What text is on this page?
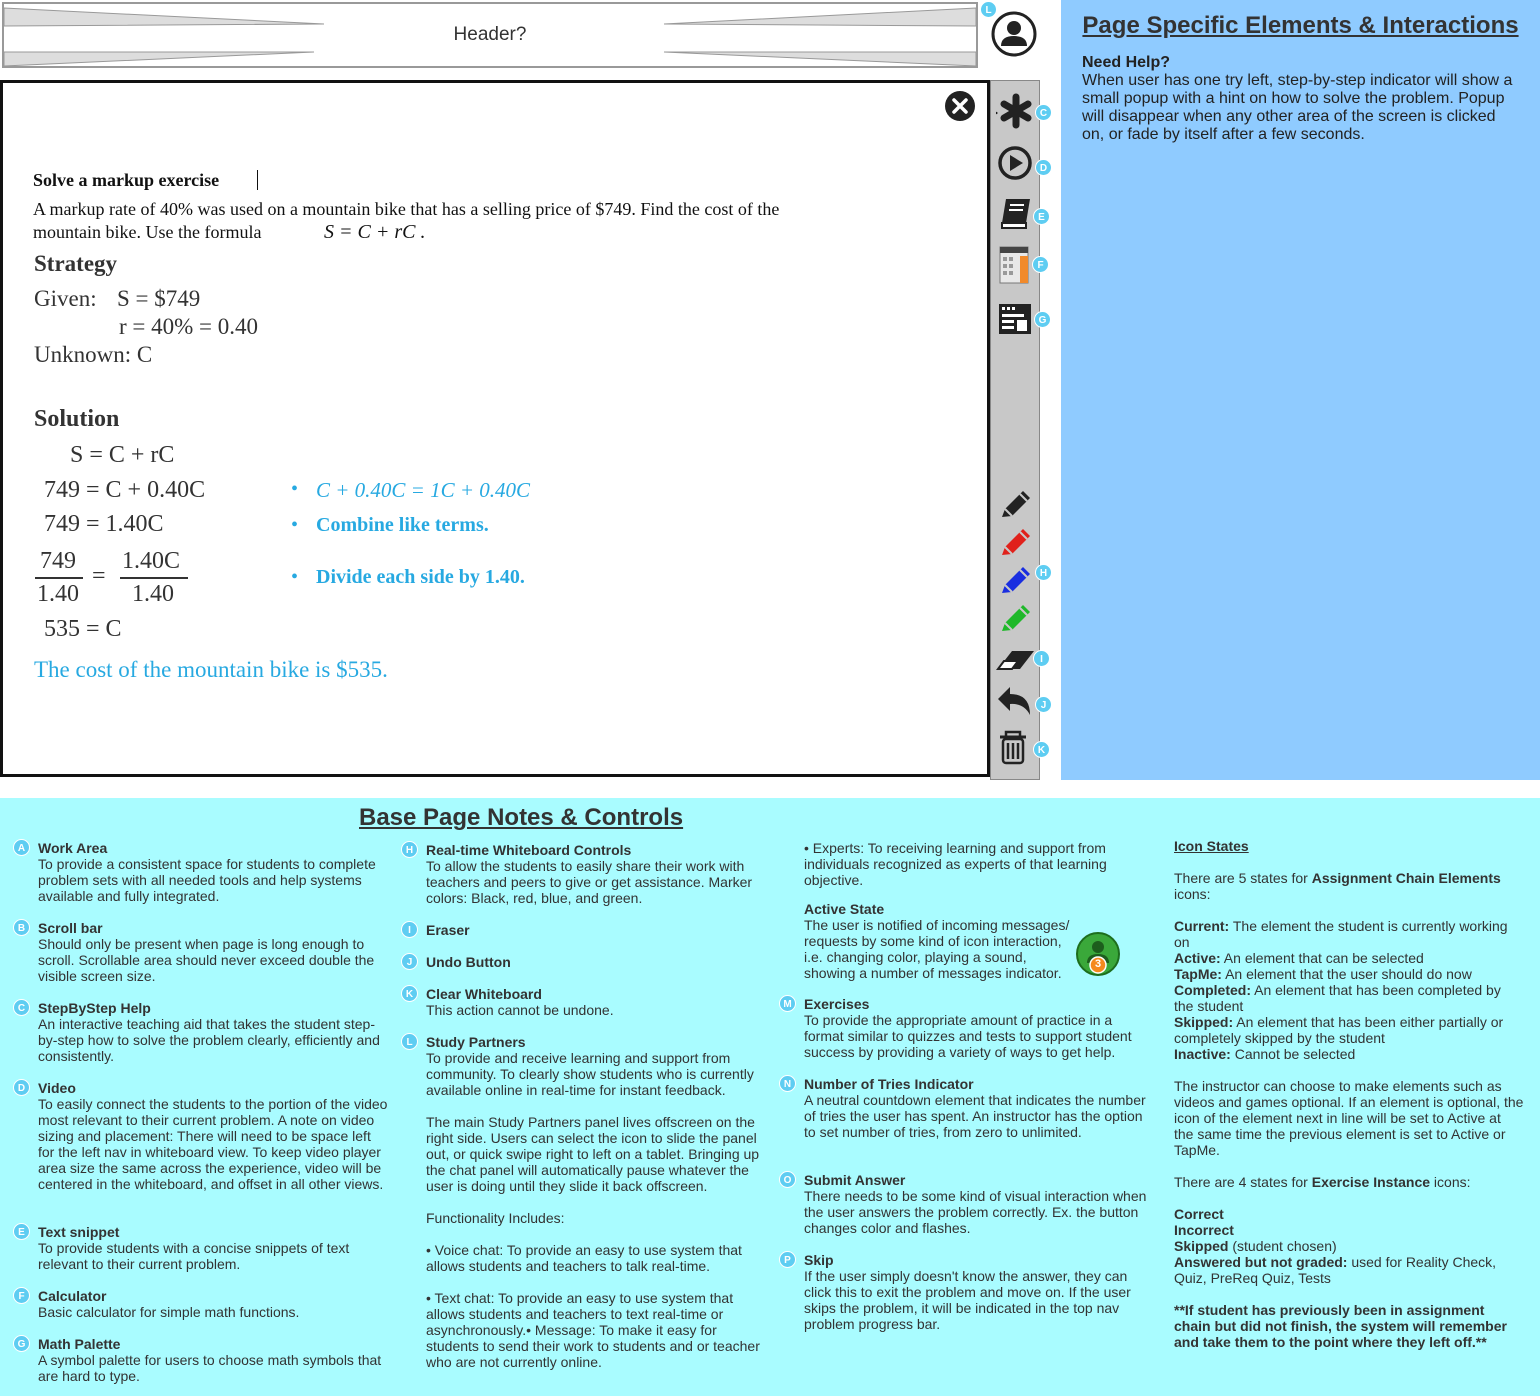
Header?
L
Solve a markup exercise
A markup rate of 40% was used on a mountain bike that has a selling price of $749. Find the cost of the
mountain bike. Use the formula	S = C + rC .
Strategy
Given: S = $749
r = 40% = 0.40
Unknown: C
Solution
S = C + rC
749 = C + 0.40C
749 = 1.40C
749
1.40
=
1.40C
1.40
535 = C
• C + 0.40C = 1C + 0.40C
• Combine like terms.
• Divide each side by 1.40.
The cost of the mountain bike is $535.
C
D
E
F
G
H
I
J
K
Page Specific Elements & Interactions
Need Help?
When user has one try left, step-by-step indicator will show a small popup with a hint on how to solve the problem. Popup will disappear when any other area of the screen is clicked on, or fade by itself after a few seconds.
Base Page Notes & Controls
A Work Area
To provide a consistent space for students to complete problem sets with all needed tools and help systems available and fully integrated.
B Scroll bar
Should only be present when page is long enough to scroll. Scrollable area should never exceed double the visible screen size.
C StepByStep Help
An interactive teaching aid that takes the student step-by-step how to solve the problem clearly, efficiently and consistently.
D Video
To easily connect the students to the portion of the video most relevant to their current problem. A note on video sizing and placement: There will need to be space left for the left nav in whiteboard view. To keep video player area size the same across the experience, video will be centered in the whiteboard, and offset in all other views.
E Text snippet
To provide students with a concise snippets of text relevant to their current problem.
F Calculator
Basic calculator for simple math functions.
G Math Palette
A symbol palette for users to choose math symbols that are hard to type.
H Real-time Whiteboard Controls
To allow the students to easily share their work with teachers and peers to give or get assistance. Marker colors: Black, red, blue, and green.
I	Eraser
J Undo Button
K Clear Whiteboard
This action cannot be undone.
L Study Partners
To provide and receive learning and support from community. To clearly show students who is currently available online in real-time for instant feedback.
The main Study Partners panel lives offscreen on the right side. Users can select the icon to slide the panel out, or quick swipe right to left on a tablet. Bringing up the chat panel will automatically pause whatever the user is doing until they slide it back offscreen.
Functionality Includes:
• Voice chat: To provide an easy to use system that allows students and teachers to talk real-time.
• Text chat: To provide an easy to use system that allows students and teachers to text real-time or asynchronously.• Message: To make it easy for students to send their work to students and or teacher who are not currently online.
• Experts: To receiving learning and support from individuals recognized as experts of that learning objective.
Active State
The user is notified of incoming messages/ requests by some kind of icon interaction, i.e. changing color, playing a sound, showing a number of messages indicator.
3
M Exercises
To provide the appropriate amount of practice in a format similar to quizzes and tests to support student success by providing a variety of ways to get help.
N Number of Tries Indicator
A neutral countdown element that indicates the number of tries the user has spent. An instructor has the option to set number of tries, from zero to unlimited.
O Submit Answer
There needs to be some kind of visual interaction when the user answers the problem correctly. Ex. the button changes color and flashes.
P Skip
If the user simply doesn't know the answer, they can click this to exit the problem and move on. If the user skips the problem, it will be indicated in the top nav problem progress bar.
Icon States
There are 5 states for Assignment Chain Elements icons:
Current: The element the student is currently working on
Active: An element that can be selected
TapMe: An element that the user should do now
Completed: An element that has been completed by the student
Skipped: An element that has been either partially or completely skipped by the student
Inactive: Cannot be selected
The instructor can choose to make elements such as videos and games optional. If an element is optional, the icon of the element next in line will be set to Active at the same time the previous element is set to Active or TapMe.
There are 4 states for Exercise Instance icons:
Correct
Incorrect
Skipped (student chosen)
Answered but not graded: used for Reality Check, Quiz, PreReq Quiz, Tests
**If student has previously been in assignment chain but did not finish, the system will remember and take them to the point where they left off.**
